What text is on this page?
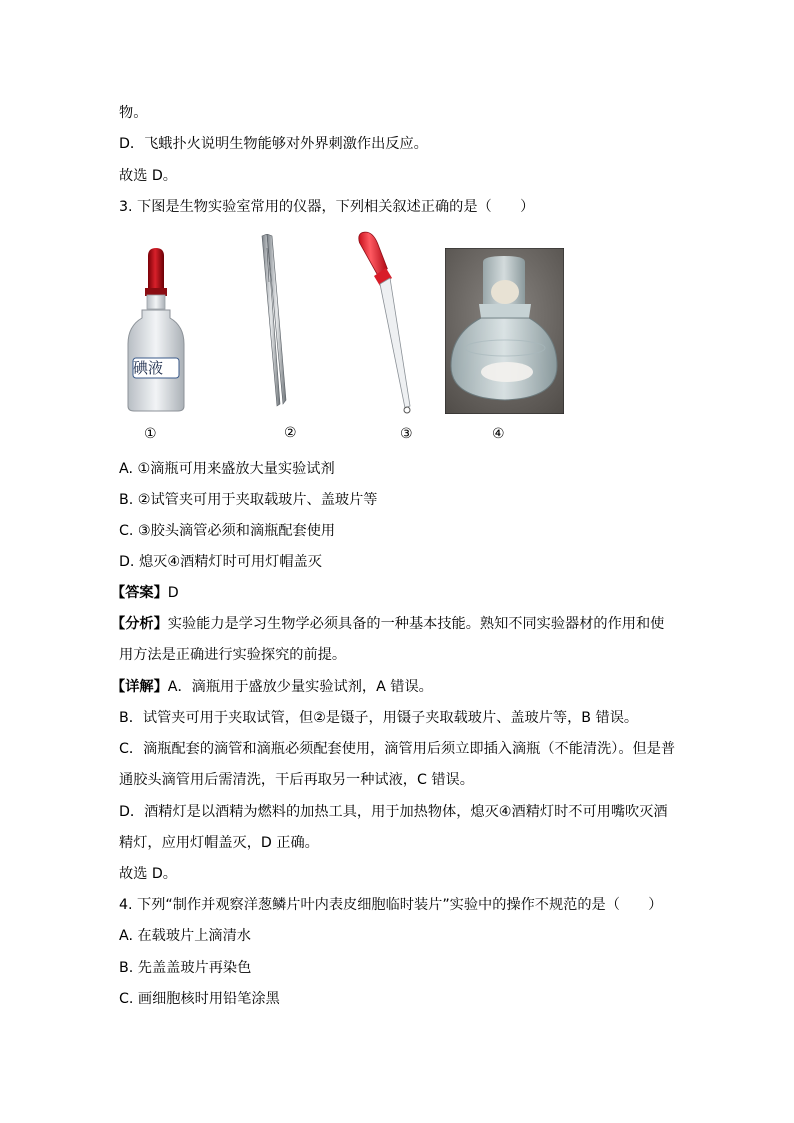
物。
D．飞蛾扑火说明生物能够对外界刺激作出反应。
故选 D。
3. 下图是生物实验室常用的仪器，下列相关叙述正确的是（　　）
碘液
①	②	③	④
A. ①滴瓶可用来盛放大量实验试剂
B. ②试管夹可用于夹取载玻片、盖玻片等
C. ③胶头滴管必须和滴瓶配套使用
D. 熄灭④酒精灯时可用灯帽盖灭
【答案】D
【分析】实验能力是学习生物学必须具备的一种基本技能。熟知不同实验器材的作用和使
用方法是正确进行实验探究的前提。
【详解】A．滴瓶用于盛放少量实验试剂，A 错误。
B．试管夹可用于夹取试管，但②是镊子，用镊子夹取载玻片、盖玻片等，B 错误。
C．滴瓶配套的滴管和滴瓶必须配套使用，滴管用后须立即插入滴瓶（不能清洗）。但是普
通胶头滴管用后需清洗，干后再取另一种试液，C 错误。
D．酒精灯是以酒精为燃料的加热工具，用于加热物体，熄灭④酒精灯时不可用嘴吹灭酒
精灯，应用灯帽盖灭，D 正确。
故选 D。
4. 下列“制作并观察洋葱鳞片叶内表皮细胞临时装片”实验中的操作不规范的是（　　）
A. 在载玻片上滴清水
B. 先盖盖玻片再染色
C. 画细胞核时用铅笔涂黑
